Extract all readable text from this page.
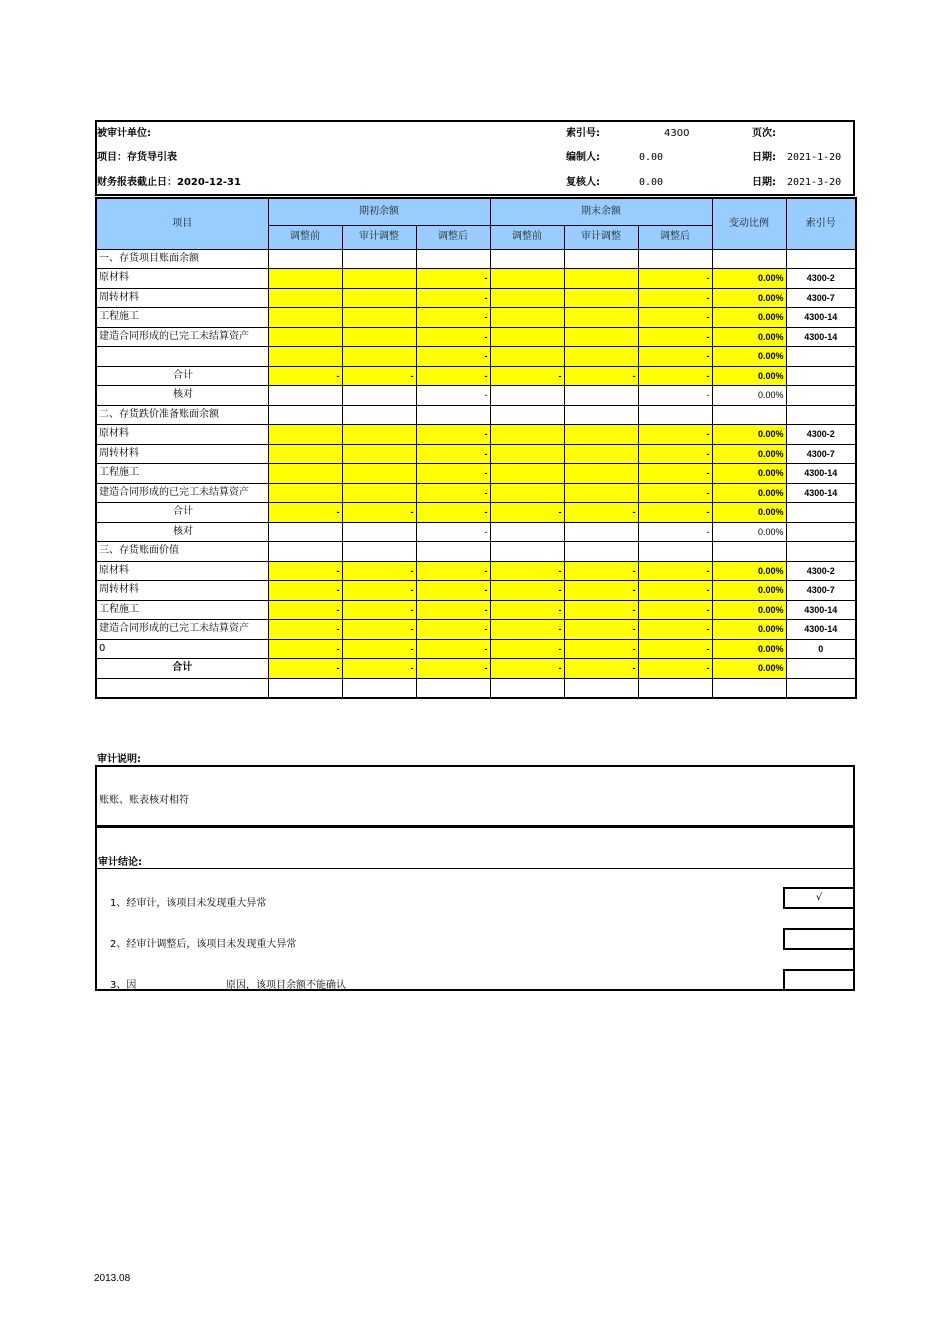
被审计单位:
项目：存货导引表
财务报表截止日：2020-12-31
索引号:	4300	页次:
编制人:	0.00	日期: 2021-1-20
复核人:	0.00	日期: 2021-3-20
项目	期初余额			期末余额			变动比例	索引号
	调整前	审计调整	调整后	调整前	审计调整	调整后		
一、存货项目账面余额								
原材料			-			-	0.00%	4300-2
周转材料			-			-	0.00%	4300-7
工程施工			-			-	0.00%	4300-14
建造合同形成的已完工未结算资产			-			-	0.00%	4300-14
			-			-	0.00%	
合计	-	-	-	-	-	-	0.00%	
核对			-			-	0.00%	
二、存货跌价准备账面余额								
原材料			-			-	0.00%	4300-2
周转材料			-			-	0.00%	4300-7
工程施工			-			-	0.00%	4300-14
建造合同形成的已完工未结算资产			-			-	0.00%	4300-14
合计	-	-	-	-	-	-	0.00%	
核对			-			-	0.00%	
三、存货账面价值								
原材料	-	-	-	-	-	-	0.00%	4300-2
周转材料	-	-	-	-	-	-	0.00%	4300-7
工程施工	-	-	-	-	-	-	0.00%	4300-14
建造合同形成的已完工未结算资产	-	-	-	-	-	-	0.00%	4300-14
0	-	-	-	-	-	-	0.00%	0
合计	-	-	-	-	-	-	0.00%	

审计说明:
账账、账表核对相符
审计结论:
1、经审计，该项目未发现重大异常
2、经审计调整后，该项目未发现重大异常
3、因	原因，该项目余额不能确认
√
2013.08
